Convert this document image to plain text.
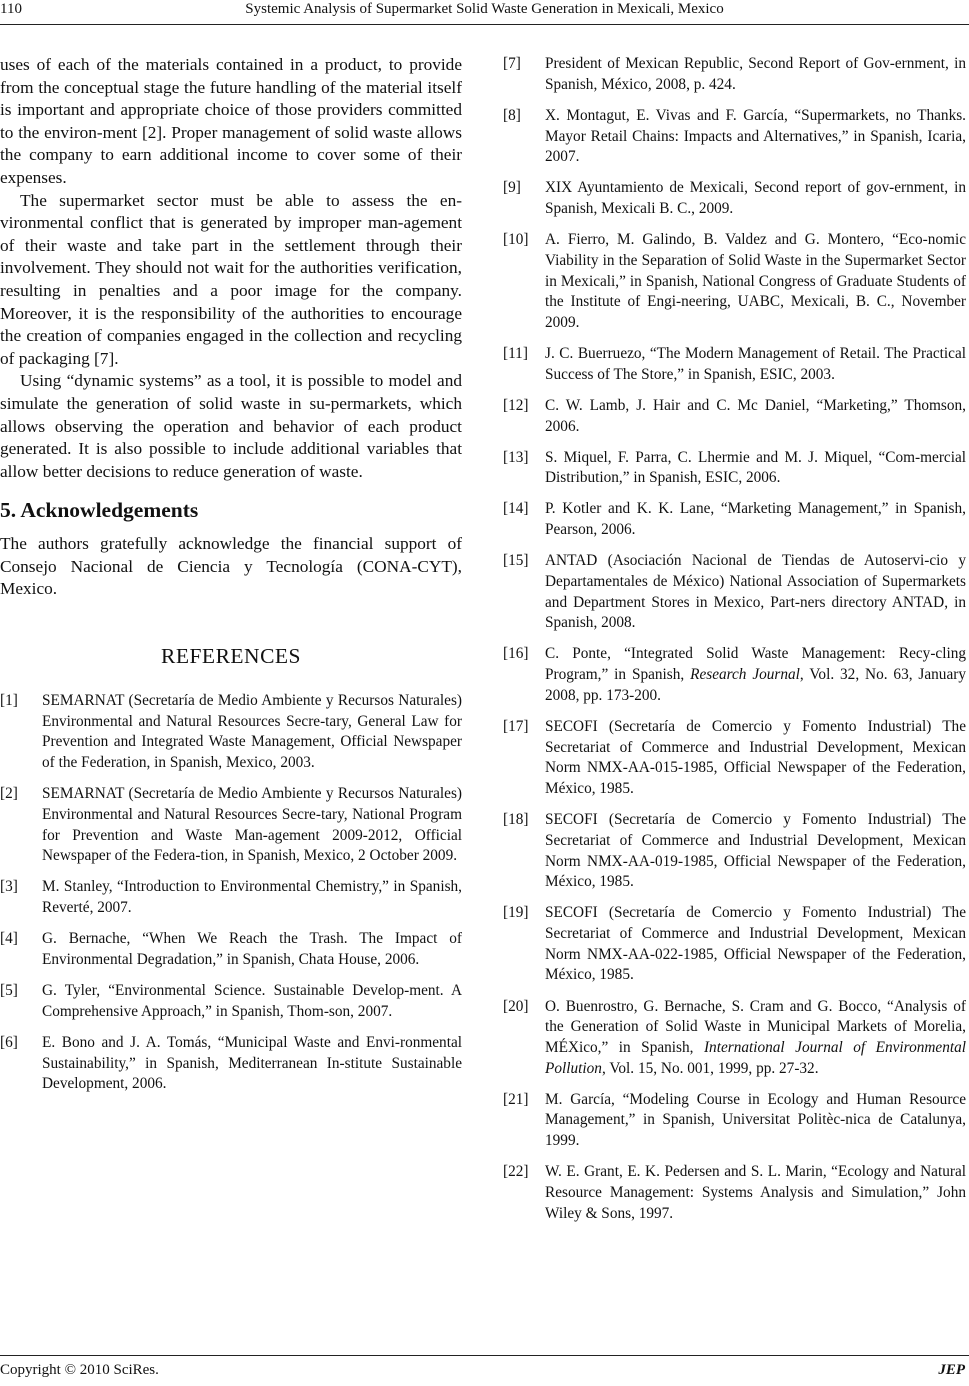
110	Systemic Analysis of Supermarket Solid Waste Generation in Mexicali, Mexico

uses of each of the materials contained in a product, to provide from the conceptual stage the future handling of the material itself is important and appropriate choice of those providers committed to the environ-ment [2]. Proper management of solid waste allows the company to earn additional income to cover some of their expenses.

The supermarket sector must be able to assess the en-vironmental conflict that is generated by improper man-agement of their waste and take part in the settlement through their involvement. They should not wait for the authorities verification, resulting in penalties and a poor image for the company. Moreover, it is the responsibility of the authorities to encourage the creation of companies engaged in the collection and recycling of packaging [7].

Using “dynamic systems” as a tool, it is possible to model and simulate the generation of solid waste in su-permarkets, which allows observing the operation and behavior of each product generated. It is also possible to include additional variables that allow better decisions to reduce generation of waste.

5. Acknowledgements

The authors gratefully acknowledge the financial support of Consejo Nacional de Ciencia y Tecnología (CONA-CYT), Mexico.

REFERENCES
[1] SEMARNAT (Secretaría de Medio Ambiente y Recursos Naturales) Environmental and Natural Resources Secre-tary, General Law for Prevention and Integrated Waste Management, Official Newspaper of the Federation, in Spanish, Mexico, 2003.
[2] SEMARNAT (Secretaría de Medio Ambiente y Recursos Naturales) Environmental and Natural Resources Secre-tary, National Program for Prevention and Waste Man-agement 2009-2012, Official Newspaper of the Federa-tion, in Spanish, Mexico, 2 October 2009.
[3] M. Stanley, “Introduction to Environmental Chemistry,” in Spanish, Reverté, 2007.
[4] G. Bernache, “When We Reach the Trash. The Impact of Environmental Degradation,” in Spanish, Chata House, 2006.
[5] G. Tyler, “Environmental Science. Sustainable Develop-ment. A Comprehensive Approach,” in Spanish, Thom-son, 2007.
[6] E. Bono and J. A. Tomás, “Municipal Waste and Envi-ronmental Sustainability,” in Spanish, Mediterranean In-stitute Sustainable Development, 2006.
[7] President of Mexican Republic, Second Report of Gov-ernment, in Spanish, México, 2008, p. 424.
[8] X. Montagut, E. Vivas and F. García, “Supermarkets, no Thanks. Mayor Retail Chains: Impacts and Alternatives,” in Spanish, Icaria, 2007.
[9] XIX Ayuntamiento de Mexicali, Second report of gov-ernment, in Spanish, Mexicali B. C., 2009.
[10] A. Fierro, M. Galindo, B. Valdez and G. Montero, “Eco-nomic Viability in the Separation of Solid Waste in the Supermarket Sector in Mexicali,” in Spanish, National Congress of Graduate Students of the Institute of Engi-neering, UABC, Mexicali, B. C., November 2009.
[11] J. C. Buerruezo, “The Modern Management of Retail. The Practical Success of The Store,” in Spanish, ESIC, 2003.
[12] C. W. Lamb, J. Hair and C. Mc Daniel, “Marketing,” Thomson, 2006.
[13] S. Miquel, F. Parra, C. Lhermie and M. J. Miquel, “Com-mercial Distribution,” in Spanish, ESIC, 2006.
[14] P. Kotler and K. K. Lane, “Marketing Management,” in Spanish, Pearson, 2006.
[15] ANTAD (Asociación Nacional de Tiendas de Autoservi-cio y Departamentales de México) National Association of Supermarkets and Department Stores in Mexico, Part-ners directory ANTAD, in Spanish, 2008.
[16] C. Ponte, “Integrated Solid Waste Management: Recy-cling Program,” in Spanish, Research Journal, Vol. 32, No. 63, January 2008, pp. 173-200.
[17] SECOFI (Secretaría de Comercio y Fomento Industrial) The Secretariat of Commerce and Industrial Development, Mexican Norm NMX-AA-015-1985, Official Newspaper of the Federation, México, 1985.
[18] SECOFI (Secretaría de Comercio y Fomento Industrial) The Secretariat of Commerce and Industrial Development, Mexican Norm NMX-AA-019-1985, Official Newspaper of the Federation, México, 1985.
[19] SECOFI (Secretaría de Comercio y Fomento Industrial) The Secretariat of Commerce and Industrial Development, Mexican Norm NMX-AA-022-1985, Official Newspaper of the Federation, México, 1985.
[20] O. Buenrostro, G. Bernache, S. Cram and G. Bocco, “Analysis of the Generation of Solid Waste in Municipal Markets of Morelia, MÉXico,” in Spanish, International Journal of Environmental Pollution, Vol. 15, No. 001, 1999, pp. 27-32.
[21] M. García, “Modeling Course in Ecology and Human Resource Management,” in Spanish, Universitat Politèc-nica de Catalunya, 1999.
[22] W. E. Grant, E. K. Pedersen and S. L. Marin, “Ecology and Natural Resource Management: Systems Analysis and Simulation,” John Wiley & Sons, 1997.
Copyright © 2010 SciRes.	JEP
